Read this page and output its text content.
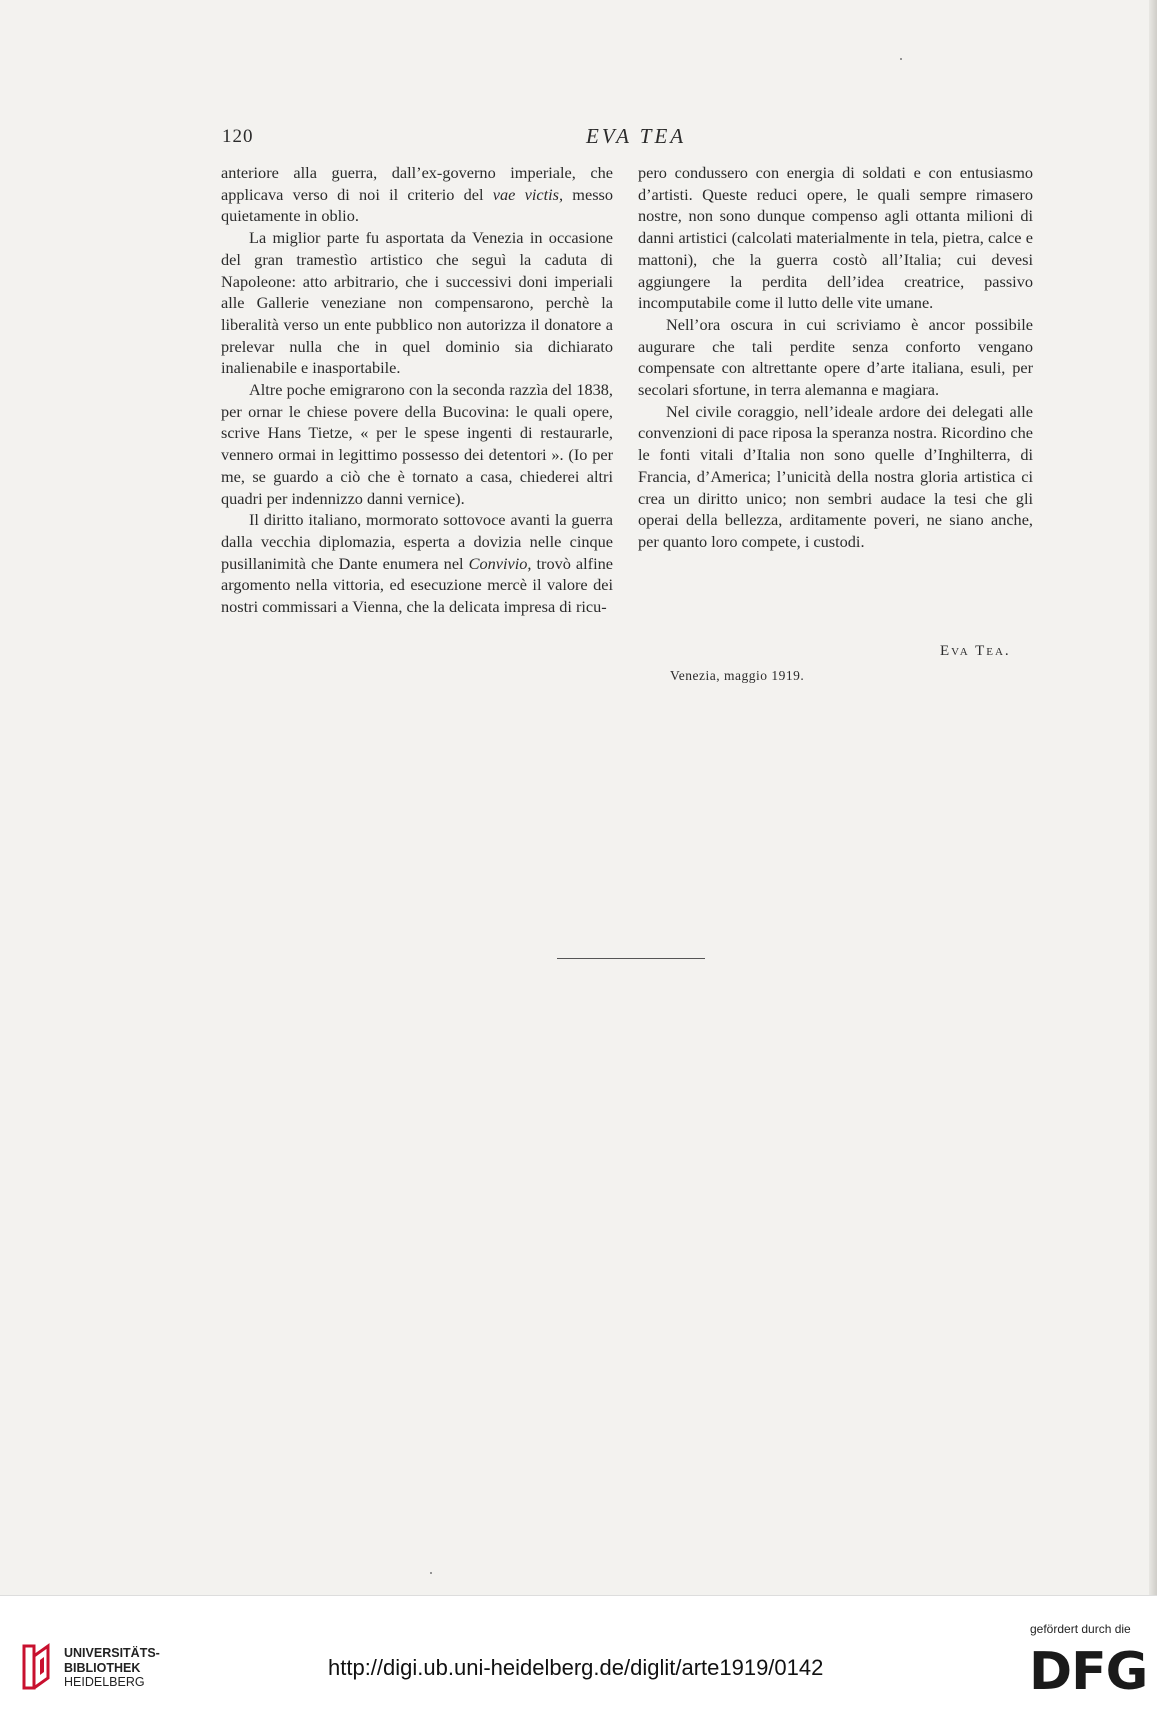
120	EVA TEA

anteriore alla guerra, dall’ex-governo imperiale, che applicava verso di noi il criterio del vae victis, messo quietamente in oblio.

La miglior parte fu asportata da Venezia in occasione del gran tramestìo artistico che seguì la caduta di Napoleone: atto arbitrario, che i successivi doni imperiali alle Gallerie veneziane non compensarono, perchè la liberalità verso un ente pubblico non autorizza il donatore a prelevar nulla che in quel dominio sia dichiarato inalienabile e inasportabile.

Altre poche emigrarono con la seconda razzìa del 1838, per ornar le chiese povere della Bucovina: le quali opere, scrive Hans Tietze, « per le spese ingenti di restaurarle, vennero ormai in legittimo possesso dei detentori ». (Io per me, se guardo a ciò che è tornato a casa, chiederei altri quadri per indennizzo danni vernice).

Il diritto italiano, mormorato sottovoce avanti la guerra dalla vecchia diplomazia, esperta a dovizia nelle cinque pusillanimità che Dante enumera nel Convivio, trovò alfine argomento nella vittoria, ed esecuzione mercè il valore dei nostri commissari a Vienna, che la delicata impresa di ricu-

pero condussero con energia di soldati e con entusiasmo d’artisti. Queste reduci opere, le quali sempre rimasero nostre, non sono dunque compenso agli ottanta milioni di danni artistici (calcolati materialmente in tela, pietra, calce e mattoni), che la guerra costò all’Italia; cui devesi aggiungere la perdita dell’idea creatrice, passivo incomputabile come il lutto delle vite umane.

Nell’ora oscura in cui scriviamo è ancor possibile augurare che tali perdite senza conforto vengano compensate con altrettante opere d’arte italiana, esuli, per secolari sfortune, in terra alemanna e magiara.

Nel civile coraggio, nell’ideale ardore dei delegati alle convenzioni di pace riposa la speranza nostra. Ricordino che le fonti vitali d’Italia non sono quelle d’Inghilterra, di Francia, d’America; l’unicità della nostra gloria artistica ci crea un diritto unico; non sembri audace la tesi che gli operai della bellezza, arditamente poveri, ne siano anche, per quanto loro compete, i custodi.

Eva Tea.
Venezia, maggio 1919.
UNIVERSITÄTS-
BIBLIOTHEK
HEIDELBERG
http://digi.ub.uni-heidelberg.de/diglit/arte1919/0142
gefördert durch die
DFG
